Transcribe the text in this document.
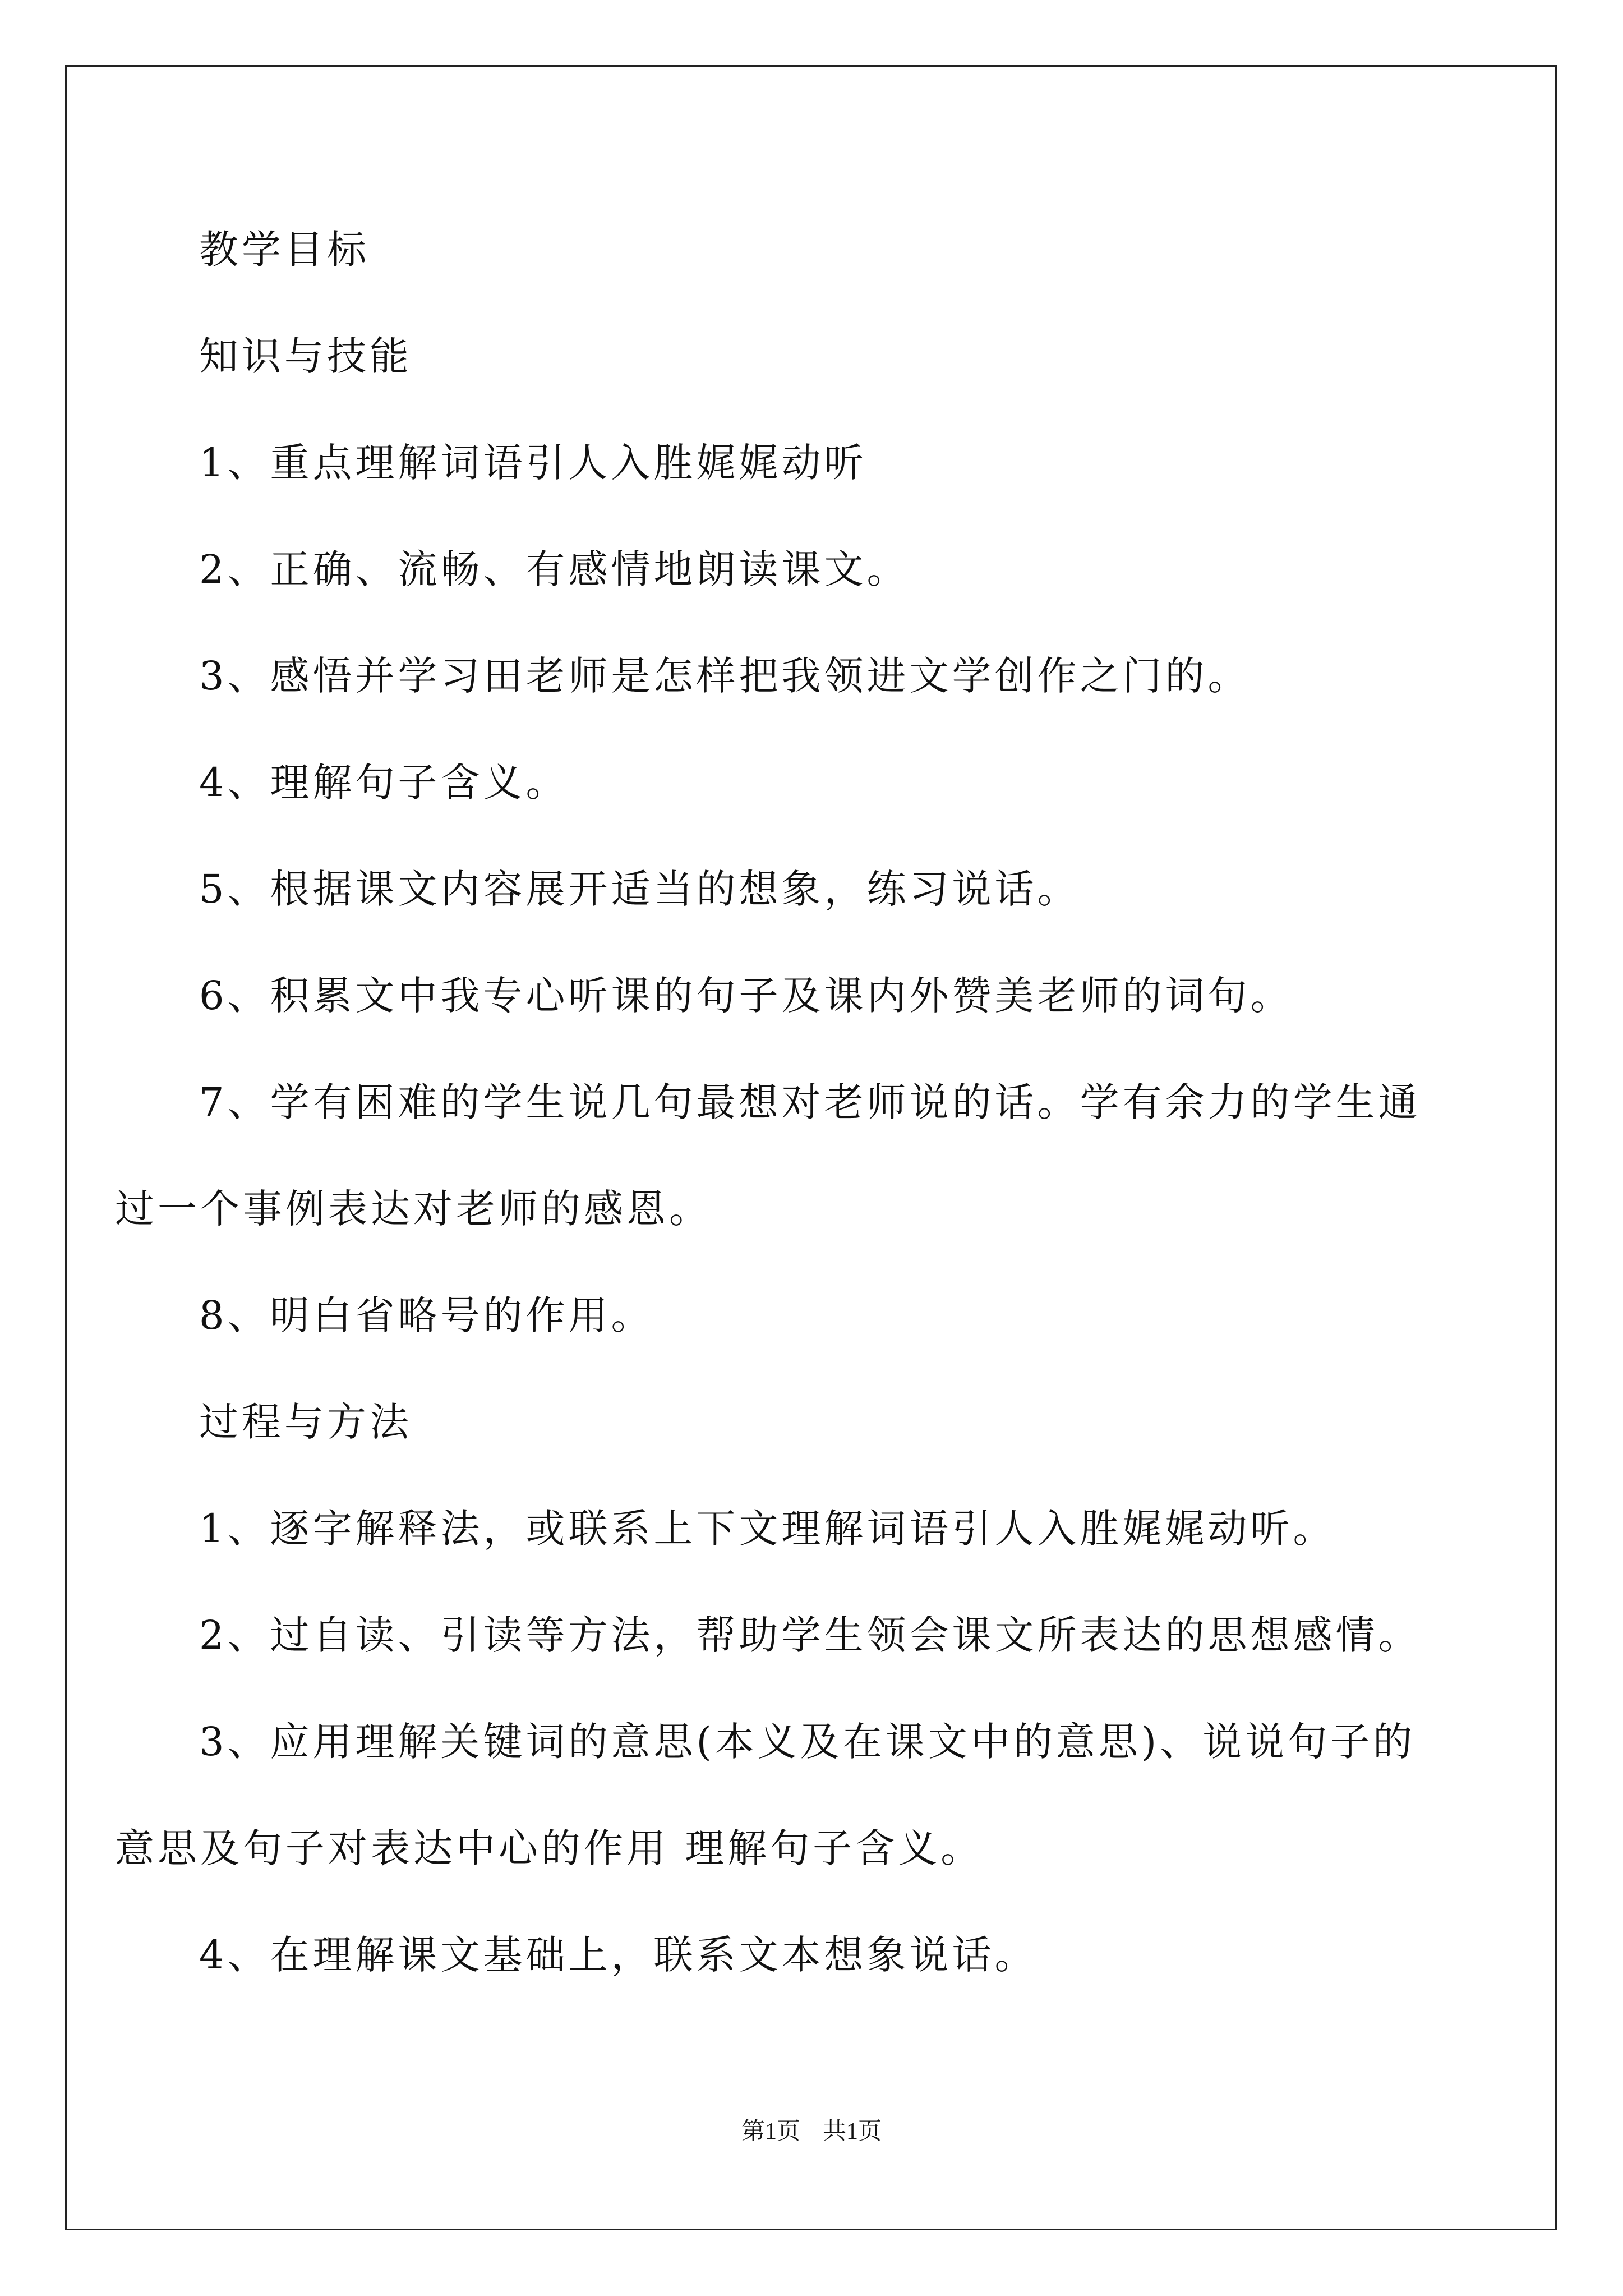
教学目标
知识与技能
1、重点理解词语引人入胜娓娓动听
2、正确、流畅、有感情地朗读课文。
3、感悟并学习田老师是怎样把我领进文学创作之门的。
4、理解句子含义。
5、根据课文内容展开适当的想象，练习说话。
6、积累文中我专心听课的句子及课内外赞美老师的词句。
7、学有困难的学生说几句最想对老师说的话。学有余力的学生通
过一个事例表达对老师的感恩。
8、明白省略号的作用。
过程与方法
1、逐字解释法，或联系上下文理解词语引人入胜娓娓动听。
2、过自读、引读等方法，帮助学生领会课文所表达的思想感情。
3、应用理解关键词的意思(本义及在课文中的意思)、说说句子的
意思及句子对表达中心的作用 理解句子含义。
4、在理解课文基础上，联系文本想象说话。
第1页 共1页
